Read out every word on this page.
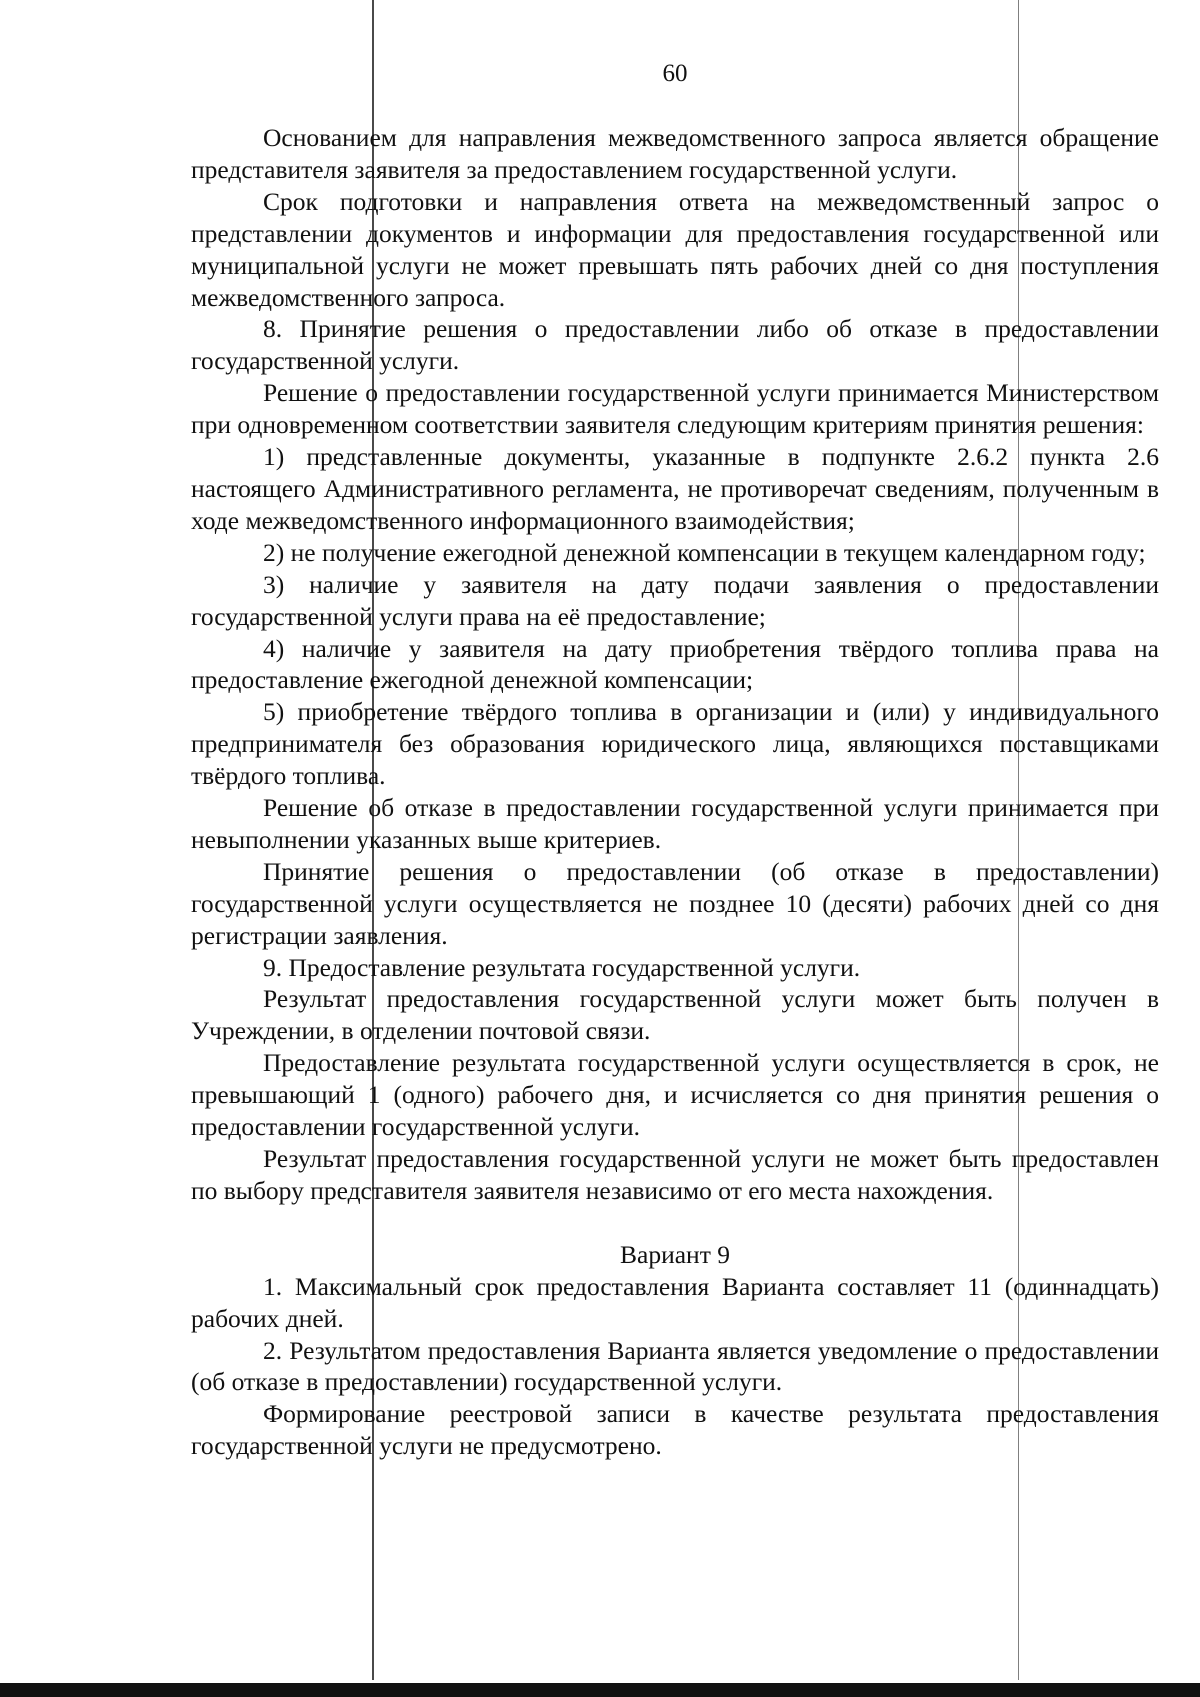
60

Основанием для направления межведомственного запроса является обращение представителя заявителя за предоставлением государственной услуги.

Срок подготовки и направления ответа на межведомственный запрос о представлении документов и информации для предоставления государственной или муниципальной услуги не может превышать пять рабочих дней со дня поступления межведомственного запроса.

8. Принятие решения о предоставлении либо об отказе в предоставлении государственной услуги.

Решение о предоставлении государственной услуги принимается Министерством при одновременном соответствии заявителя следующим критериям принятия решения:

1) представленные документы, указанные в подпункте 2.6.2 пункта 2.6 настоящего Административного регламента, не противоречат сведениям, полученным в ходе межведомственного информационного взаимодействия;

2) не получение ежегодной денежной компенсации в текущем календарном году;

3) наличие у заявителя на дату подачи заявления о предоставлении государственной услуги права на её предоставление;

4) наличие у заявителя на дату приобретения твёрдого топлива права на предоставление ежегодной денежной компенсации;

5) приобретение твёрдого топлива в организации и (или) у индивидуального предпринимателя без образования юридического лица, являющихся поставщиками твёрдого топлива.

Решение об отказе в предоставлении государственной услуги принимается при невыполнении указанных выше критериев.

Принятие решения о предоставлении (об отказе в предоставлении) государственной услуги осуществляется не позднее 10 (десяти) рабочих дней со дня регистрации заявления.

9. Предоставление результата государственной услуги.

Результат предоставления государственной услуги может быть получен в Учреждении, в отделении почтовой связи.

Предоставление результата государственной услуги осуществляется в срок, не превышающий 1 (одного) рабочего дня, и исчисляется со дня принятия решения о предоставлении государственной услуги.

Результат предоставления государственной услуги не может быть предоставлен по выбору представителя заявителя независимо от его места нахождения.

Вариант 9

1. Максимальный срок предоставления Варианта составляет 11 (одиннадцать) рабочих дней.

2. Результатом предоставления Варианта является уведомление о предоставлении (об отказе в предоставлении) государственной услуги.

Формирование реестровой записи в качестве результата предоставления государственной услуги не предусмотрено.
